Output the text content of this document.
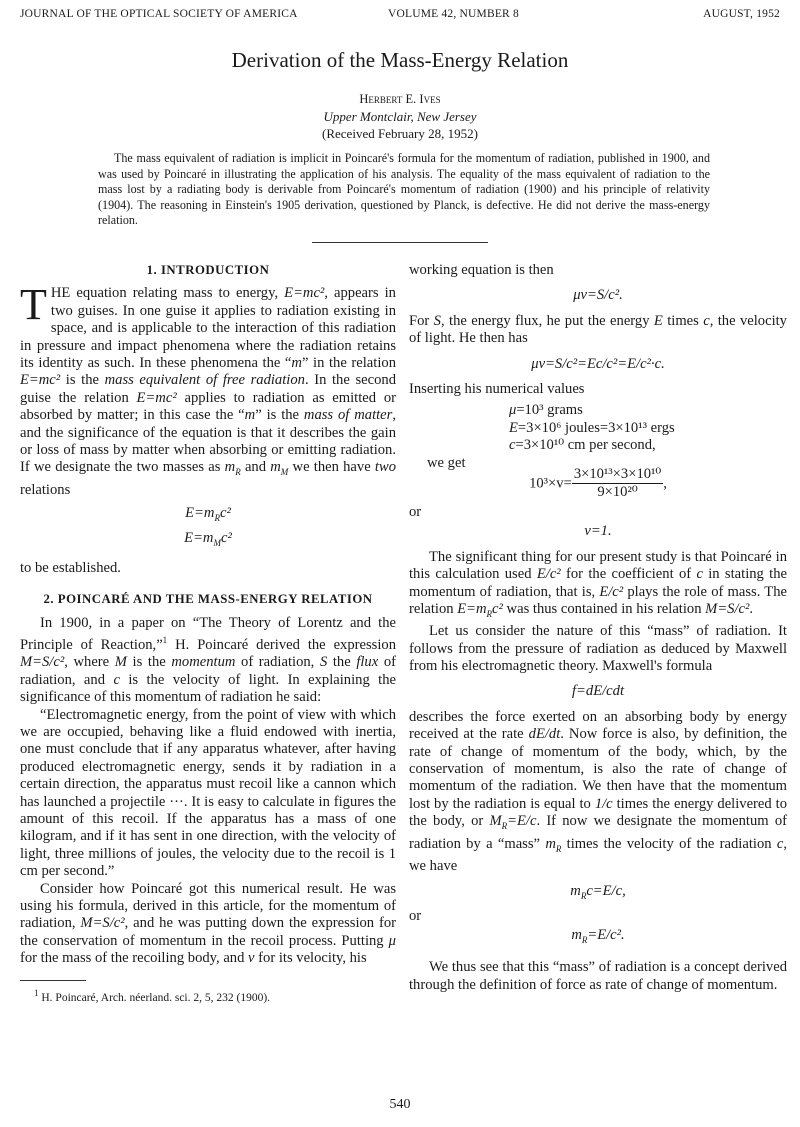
JOURNAL OF THE OPTICAL SOCIETY OF AMERICA	VOLUME 42, NUMBER 8	AUGUST, 1952
Derivation of the Mass-Energy Relation
Herbert E. Ives
Upper Montclair, New Jersey
(Received February 28, 1952)
The mass equivalent of radiation is implicit in Poincaré's formula for the momentum of radiation, published in 1900, and was used by Poincaré in illustrating the application of his analysis. The equality of the mass equivalent of radiation to the mass lost by a radiating body is derivable from Poincaré's momentum of radiation (1900) and his principle of relativity (1904). The reasoning in Einstein's 1905 derivation, questioned by Planck, is defective. He did not derive the mass-energy relation.
1. INTRODUCTION

THE equation relating mass to energy, E=mc², appears in two guises. In one guise it applies to radiation existing in space, and is applicable to the interaction of this radiation in pressure and impact phenomena where the radiation retains its identity as such. In these phenomena the “m” in the relation E=mc² is the mass equivalent of free radiation. In the second guise the relation E=mc² applies to radiation as emitted or absorbed by matter; in this case the “m” is the mass of matter, and the significance of the equation is that it describes the gain or loss of mass by matter when absorbing or emitting radiation. If we designate the two masses as $m_R$ and $m_M$ we then have two relations

$E=m_Rc^2$
$E=m_Mc^2$

to be established.

2. POINCARÉ AND THE MASS-ENERGY RELATION

In 1900, in a paper on “The Theory of Lorentz and the Principle of Reaction,”$^1$ H. Poincaré derived the expression M=S/c², where M is the momentum of radiation, S the flux of radiation, and c is the velocity of light. In explaining the significance of this momentum of radiation he said:

“Electromagnetic energy, from the point of view with which we are occupied, behaving like a fluid endowed with inertia, one must conclude that if any apparatus whatever, after having produced electromagnetic energy, sends it by radiation in a certain direction, the apparatus must recoil like a cannon which has launched a projectile ···. It is easy to calculate in figures the amount of this recoil. If the apparatus has a mass of one kilogram, and if it has sent in one direction, with the velocity of light, three millions of joules, the velocity due to the recoil is 1 cm per second.”

Consider how Poincaré got this numerical result. He was using his formula, derived in this article, for the momentum of radiation, M=S/c², and he was putting down the expression for the conservation of momentum in the recoil process. Putting μ for the mass of the recoiling body, and v for its velocity, his

$^1$ H. Poincaré, Arch. néerland. sci. 2, 5, 232 (1900).

working equation is then

μv=S/c².

For S, the energy flux, he put the energy E times c, the velocity of light. He then has

μv=S/c²=Ec/c²=E/c²·c.

Inserting his numerical values

μ=10³ grams
E=3×10⁶ joules=3×10¹³ ergs
c=3×10¹⁰ cm per second,
we get
$10^3\times v= \frac{\text{3×10¹³×3×10¹⁰}}{\text{9×10²⁰}}$ ,
or
v=1.

The significant thing for our present study is that Poincaré in this calculation used E/c² for the coefficient of c in stating the momentum of radiation, that is, E/c² plays the role of mass. The relation $E=m_Rc^2$ was thus contained in his relation M=S/c².

Let us consider the nature of this “mass” of radiation. It follows from the pressure of radiation as deduced by Maxwell from his electromagnetic theory. Maxwell's formula

f=dE/cdt

describes the force exerted on an absorbing body by energy received at the rate dE/dt. Now force is also, by definition, the rate of change of momentum of the body, which, by the conservation of momentum, is also the rate of change of momentum of the radiation. We then have that the momentum lost by the radiation is equal to 1/c times the energy delivered to the body, or $M_R=E/c$. If now we designate the momentum of radiation by a “mass” $m_R$ times the velocity of the radiation c, we have

$m_Rc=E/c$,
or
$m_R=E/c^2$.

We thus see that this “mass” of radiation is a concept derived through the definition of force as rate of change of momentum.

540
